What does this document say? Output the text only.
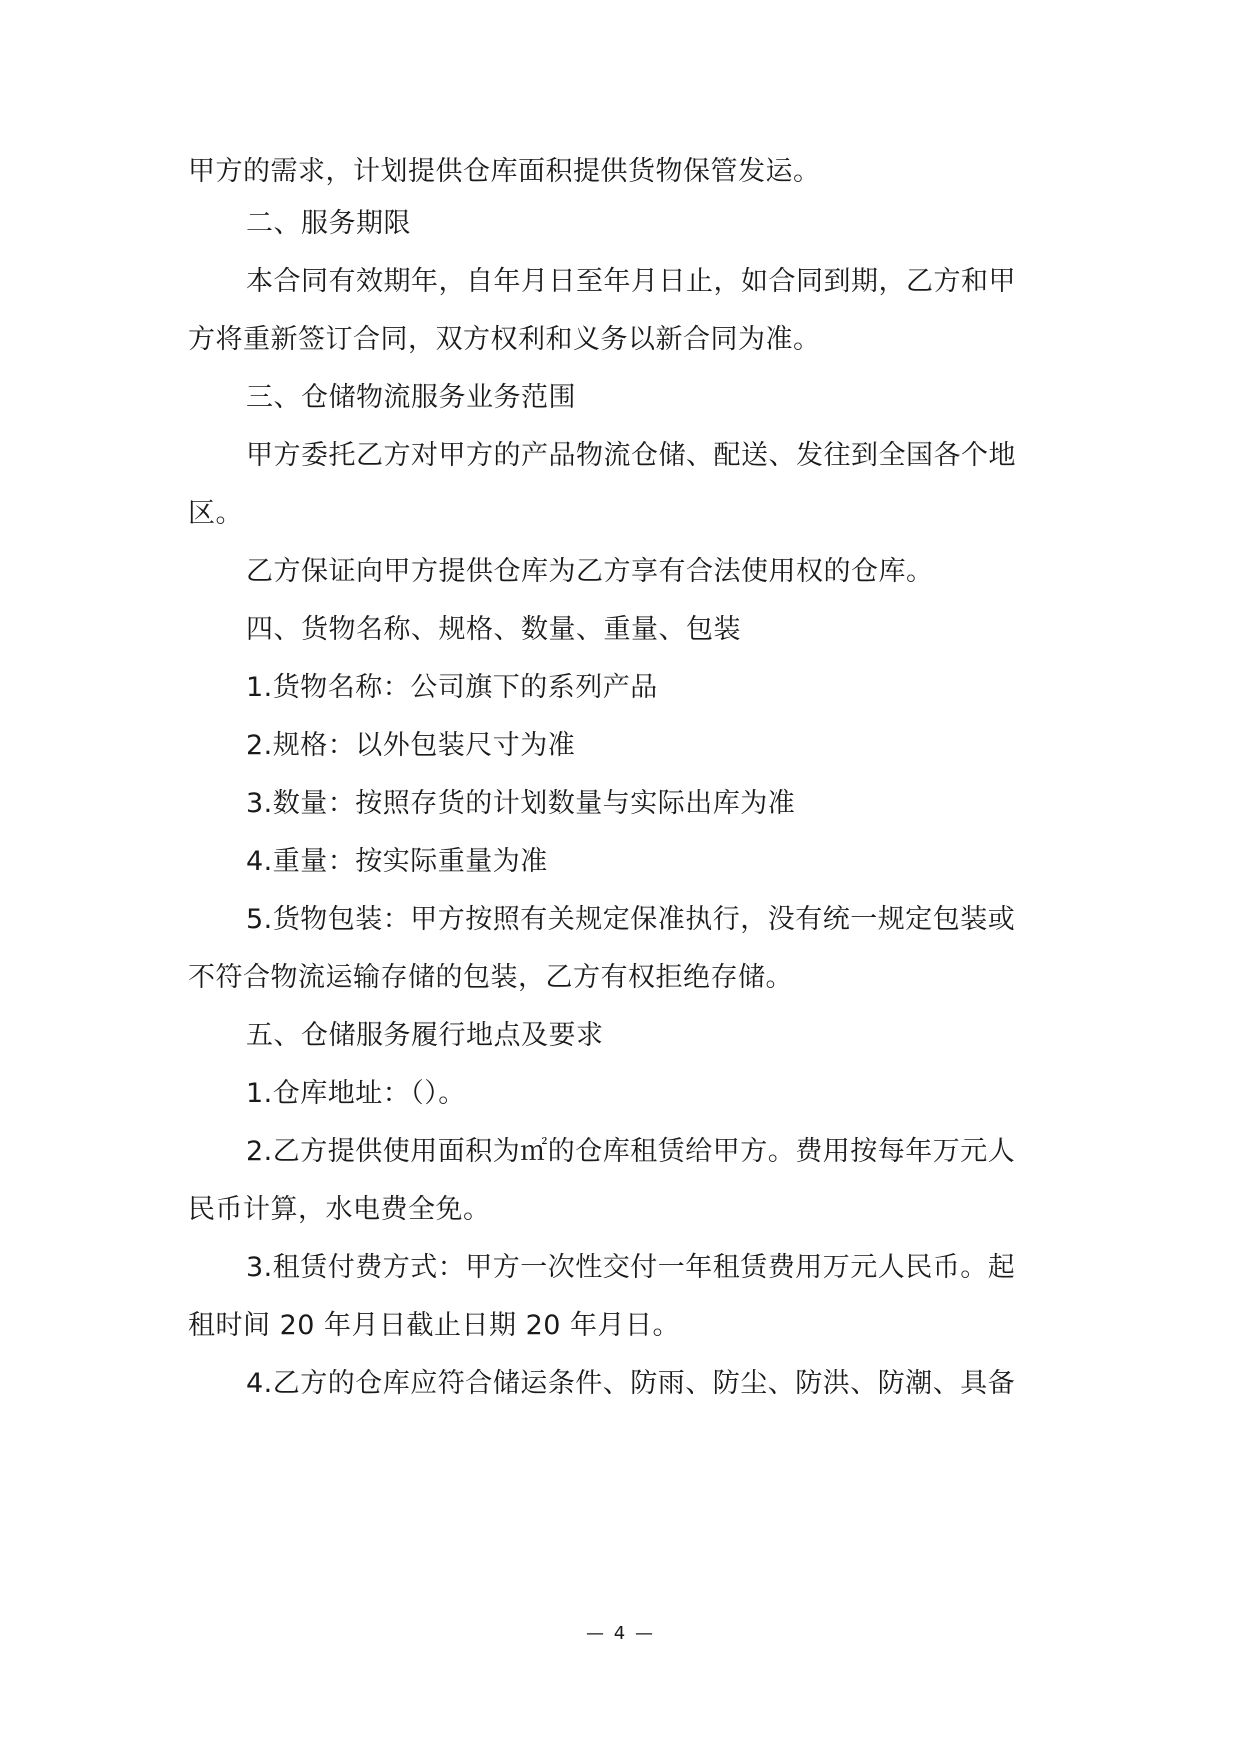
甲方的需求，计划提供仓库面积提供货物保管发运。
二、服务期限
本合同有效期年，自年月日至年月日止，如合同到期，乙方和甲
方将重新签订合同，双方权利和义务以新合同为准。
三、仓储物流服务业务范围
甲方委托乙方对甲方的产品物流仓储、配送、发往到全国各个地
区。
乙方保证向甲方提供仓库为乙方享有合法使用权的仓库。
四、货物名称、规格、数量、重量、包装
1.货物名称：公司旗下的系列产品
2.规格：以外包装尺寸为准
3.数量：按照存货的计划数量与实际出库为准
4.重量：按实际重量为准
5.货物包装：甲方按照有关规定保准执行，没有统一规定包装或
不符合物流运输存储的包装，乙方有权拒绝存储。
五、仓储服务履行地点及要求
1.仓库地址：（）。
2.乙方提供使用面积为㎡的仓库租赁给甲方。费用按每年万元人
民币计算，水电费全免。
3.租赁付费方式：甲方一次性交付一年租赁费用万元人民币。起
租时间 20 年月日截止日期 20 年月日。
4.乙方的仓库应符合储运条件、防雨、防尘、防洪、防潮、具备
— 4 —
